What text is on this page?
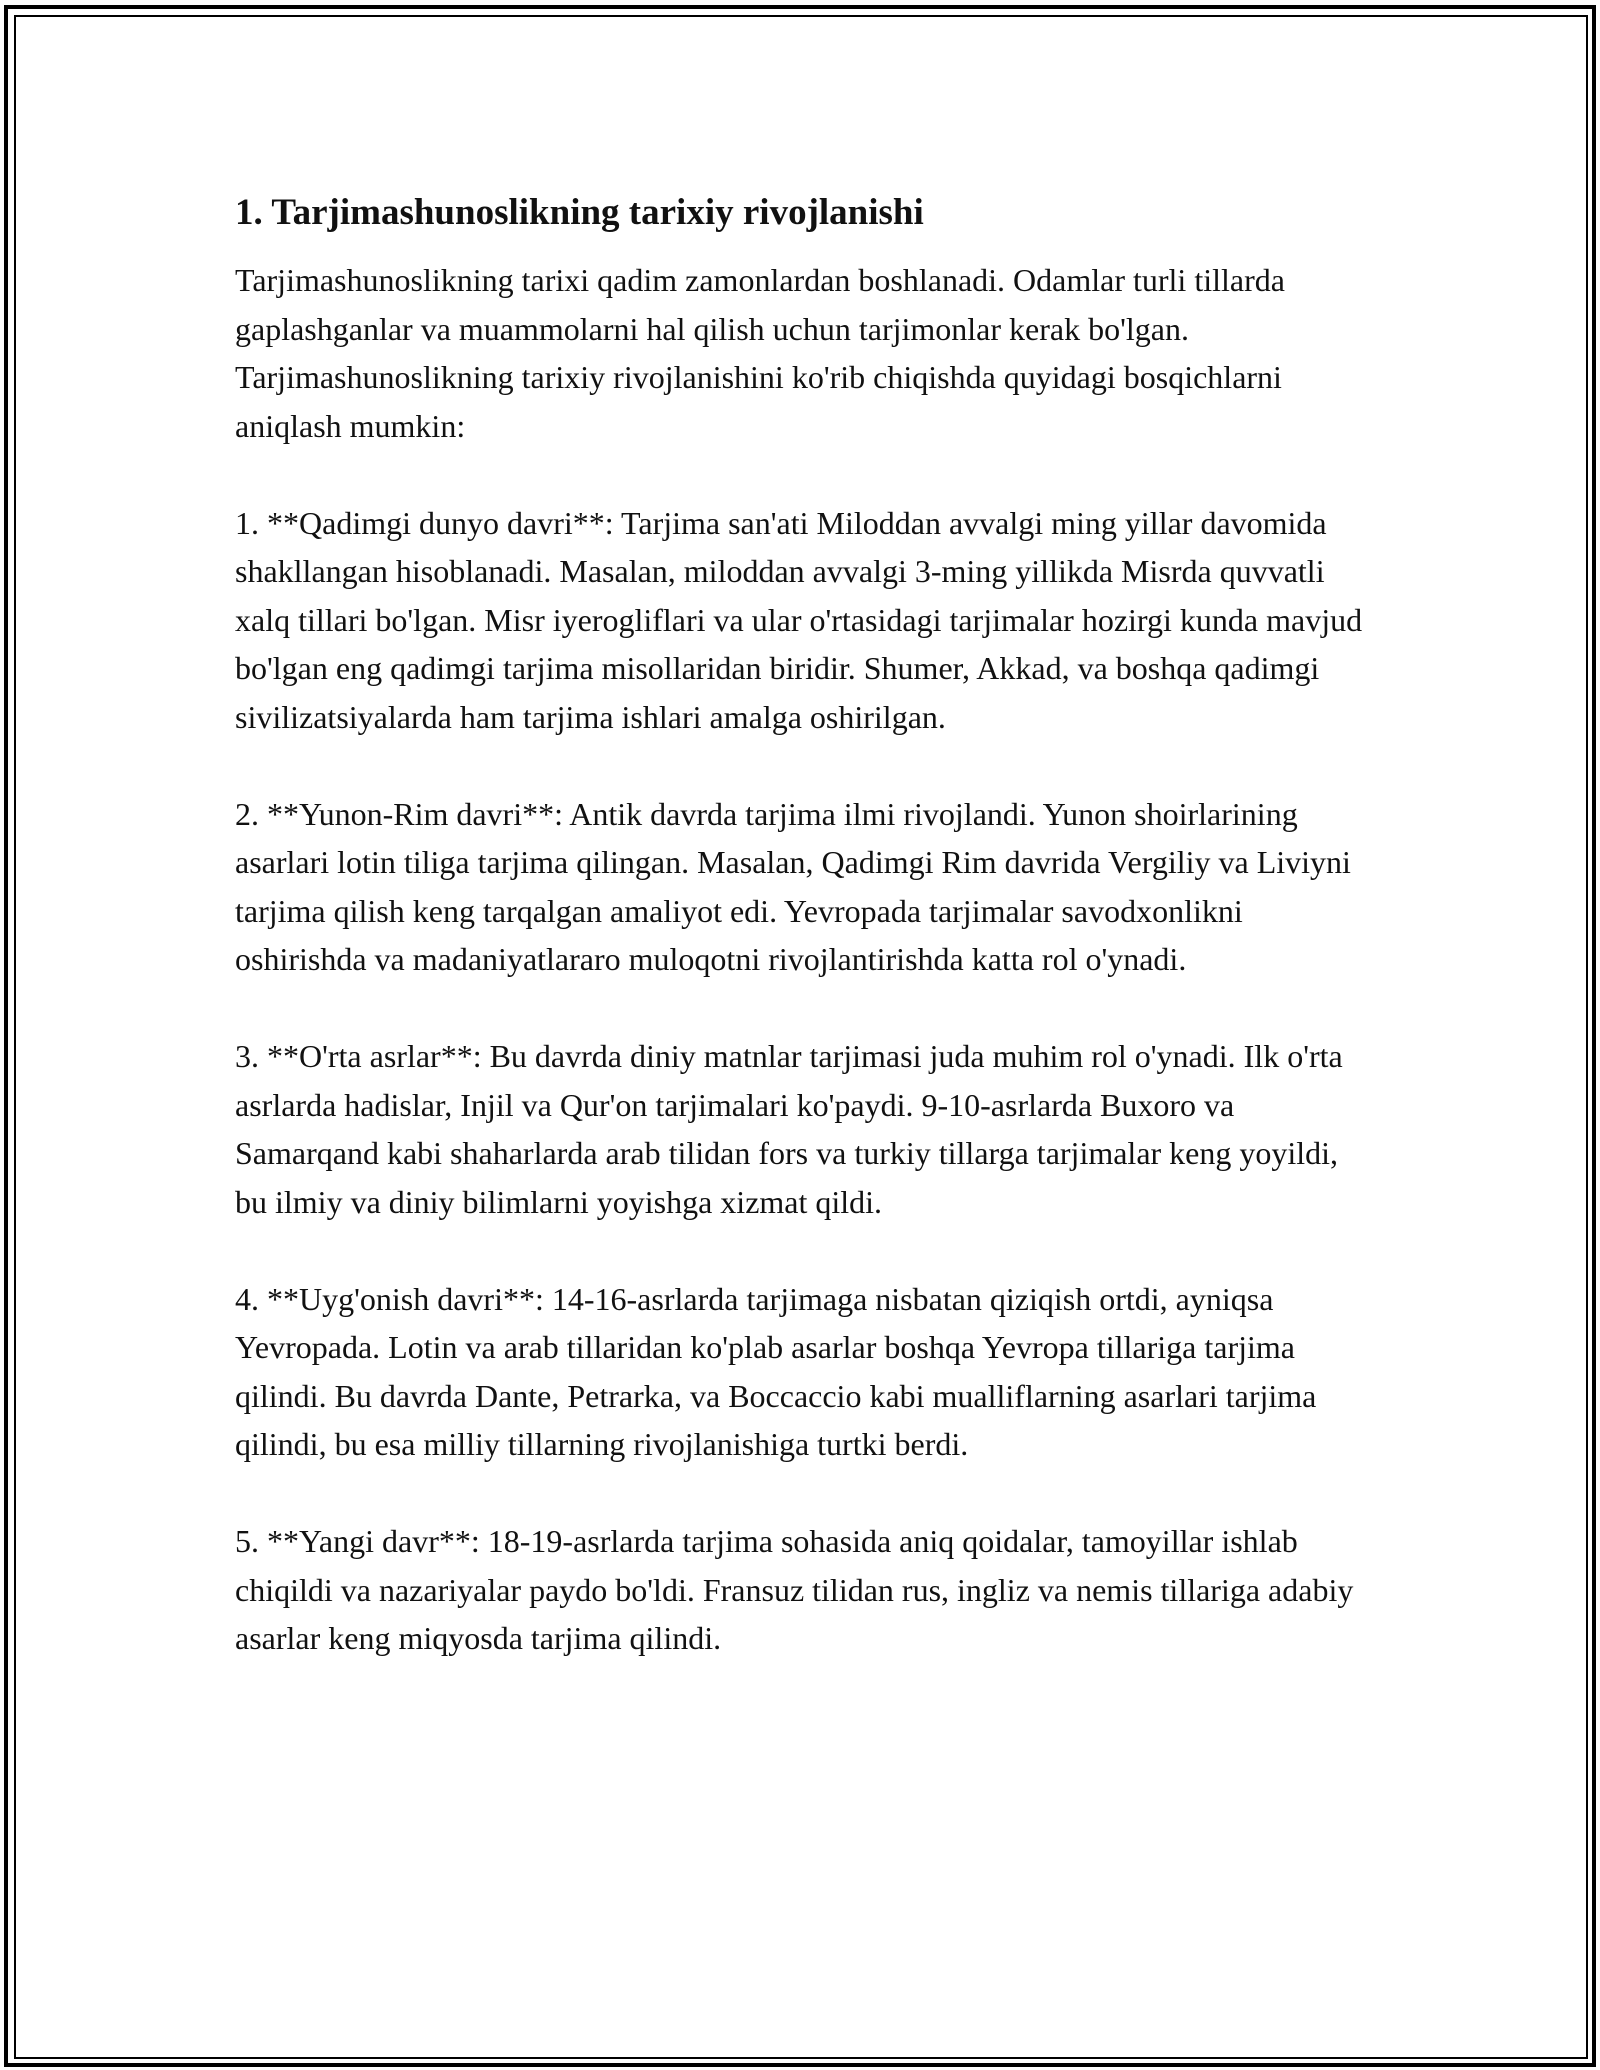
1. Tarjimashunoslikning tarixiy rivojlanishi

Tarjimashunoslikning tarixi qadim zamonlardan boshlanadi. Odamlar turli tillarda gaplashganlar va muammolarni hal qilish uchun tarjimonlar kerak bo'lgan. Tarjimashunoslikning tarixiy rivojlanishini ko'rib chiqishda quyidagi bosqichlarni aniqlash mumkin:

1. **Qadimgi dunyo davri**: Tarjima san'ati Miloddan avvalgi ming yillar davomida shakllangan hisoblanadi. Masalan, miloddan avvalgi 3-ming yillikda Misrda quvvatli xalq tillari bo'lgan. Misr iyerogliflari va ular o'rtasidagi tarjimalar hozirgi kunda mavjud bo'lgan eng qadimgi tarjima misollaridan biridir. Shumer, Akkad, va boshqa qadimgi sivilizatsiyalarda ham tarjima ishlari amalga oshirilgan.

2. **Yunon-Rim davri**: Antik davrda tarjima ilmi rivojlandi. Yunon shoirlarining asarlari lotin tiliga tarjima qilingan. Masalan, Qadimgi Rim davrida Vergiliy va Liviyni tarjima qilish keng tarqalgan amaliyot edi. Yevropada tarjimalar savodxonlikni oshirishda va madaniyatlararo muloqotni rivojlantirishda katta rol o'ynadi.

3. **O'rta asrlar**: Bu davrda diniy matnlar tarjimasi juda muhim rol o'ynadi. Ilk o'rta asrlarda hadislar, Injil va Qur'on tarjimalari ko'paydi. 9-10-asrlarda Buxoro va Samarqand kabi shaharlarda arab tilidan fors va turkiy tillarga tarjimalar keng yoyildi, bu ilmiy va diniy bilimlarni yoyishga xizmat qildi.

4. **Uyg'onish davri**: 14-16-asrlarda tarjimaga nisbatan qiziqish ortdi, ayniqsa Yevropada. Lotin va arab tillaridan ko'plab asarlar boshqa Yevropa tillariga tarjima qilindi. Bu davrda Dante, Petrarka, va Boccaccio kabi mualliflarning asarlari tarjima qilindi, bu esa milliy tillarning rivojlanishiga turtki berdi.

5. **Yangi davr**: 18-19-asrlarda tarjima sohasida aniq qoidalar, tamoyillar ishlab chiqildi va nazariyalar paydo bo'ldi. Fransuz tilidan rus, ingliz va nemis tillariga adabiy asarlar keng miqyosda tarjima qilindi.
